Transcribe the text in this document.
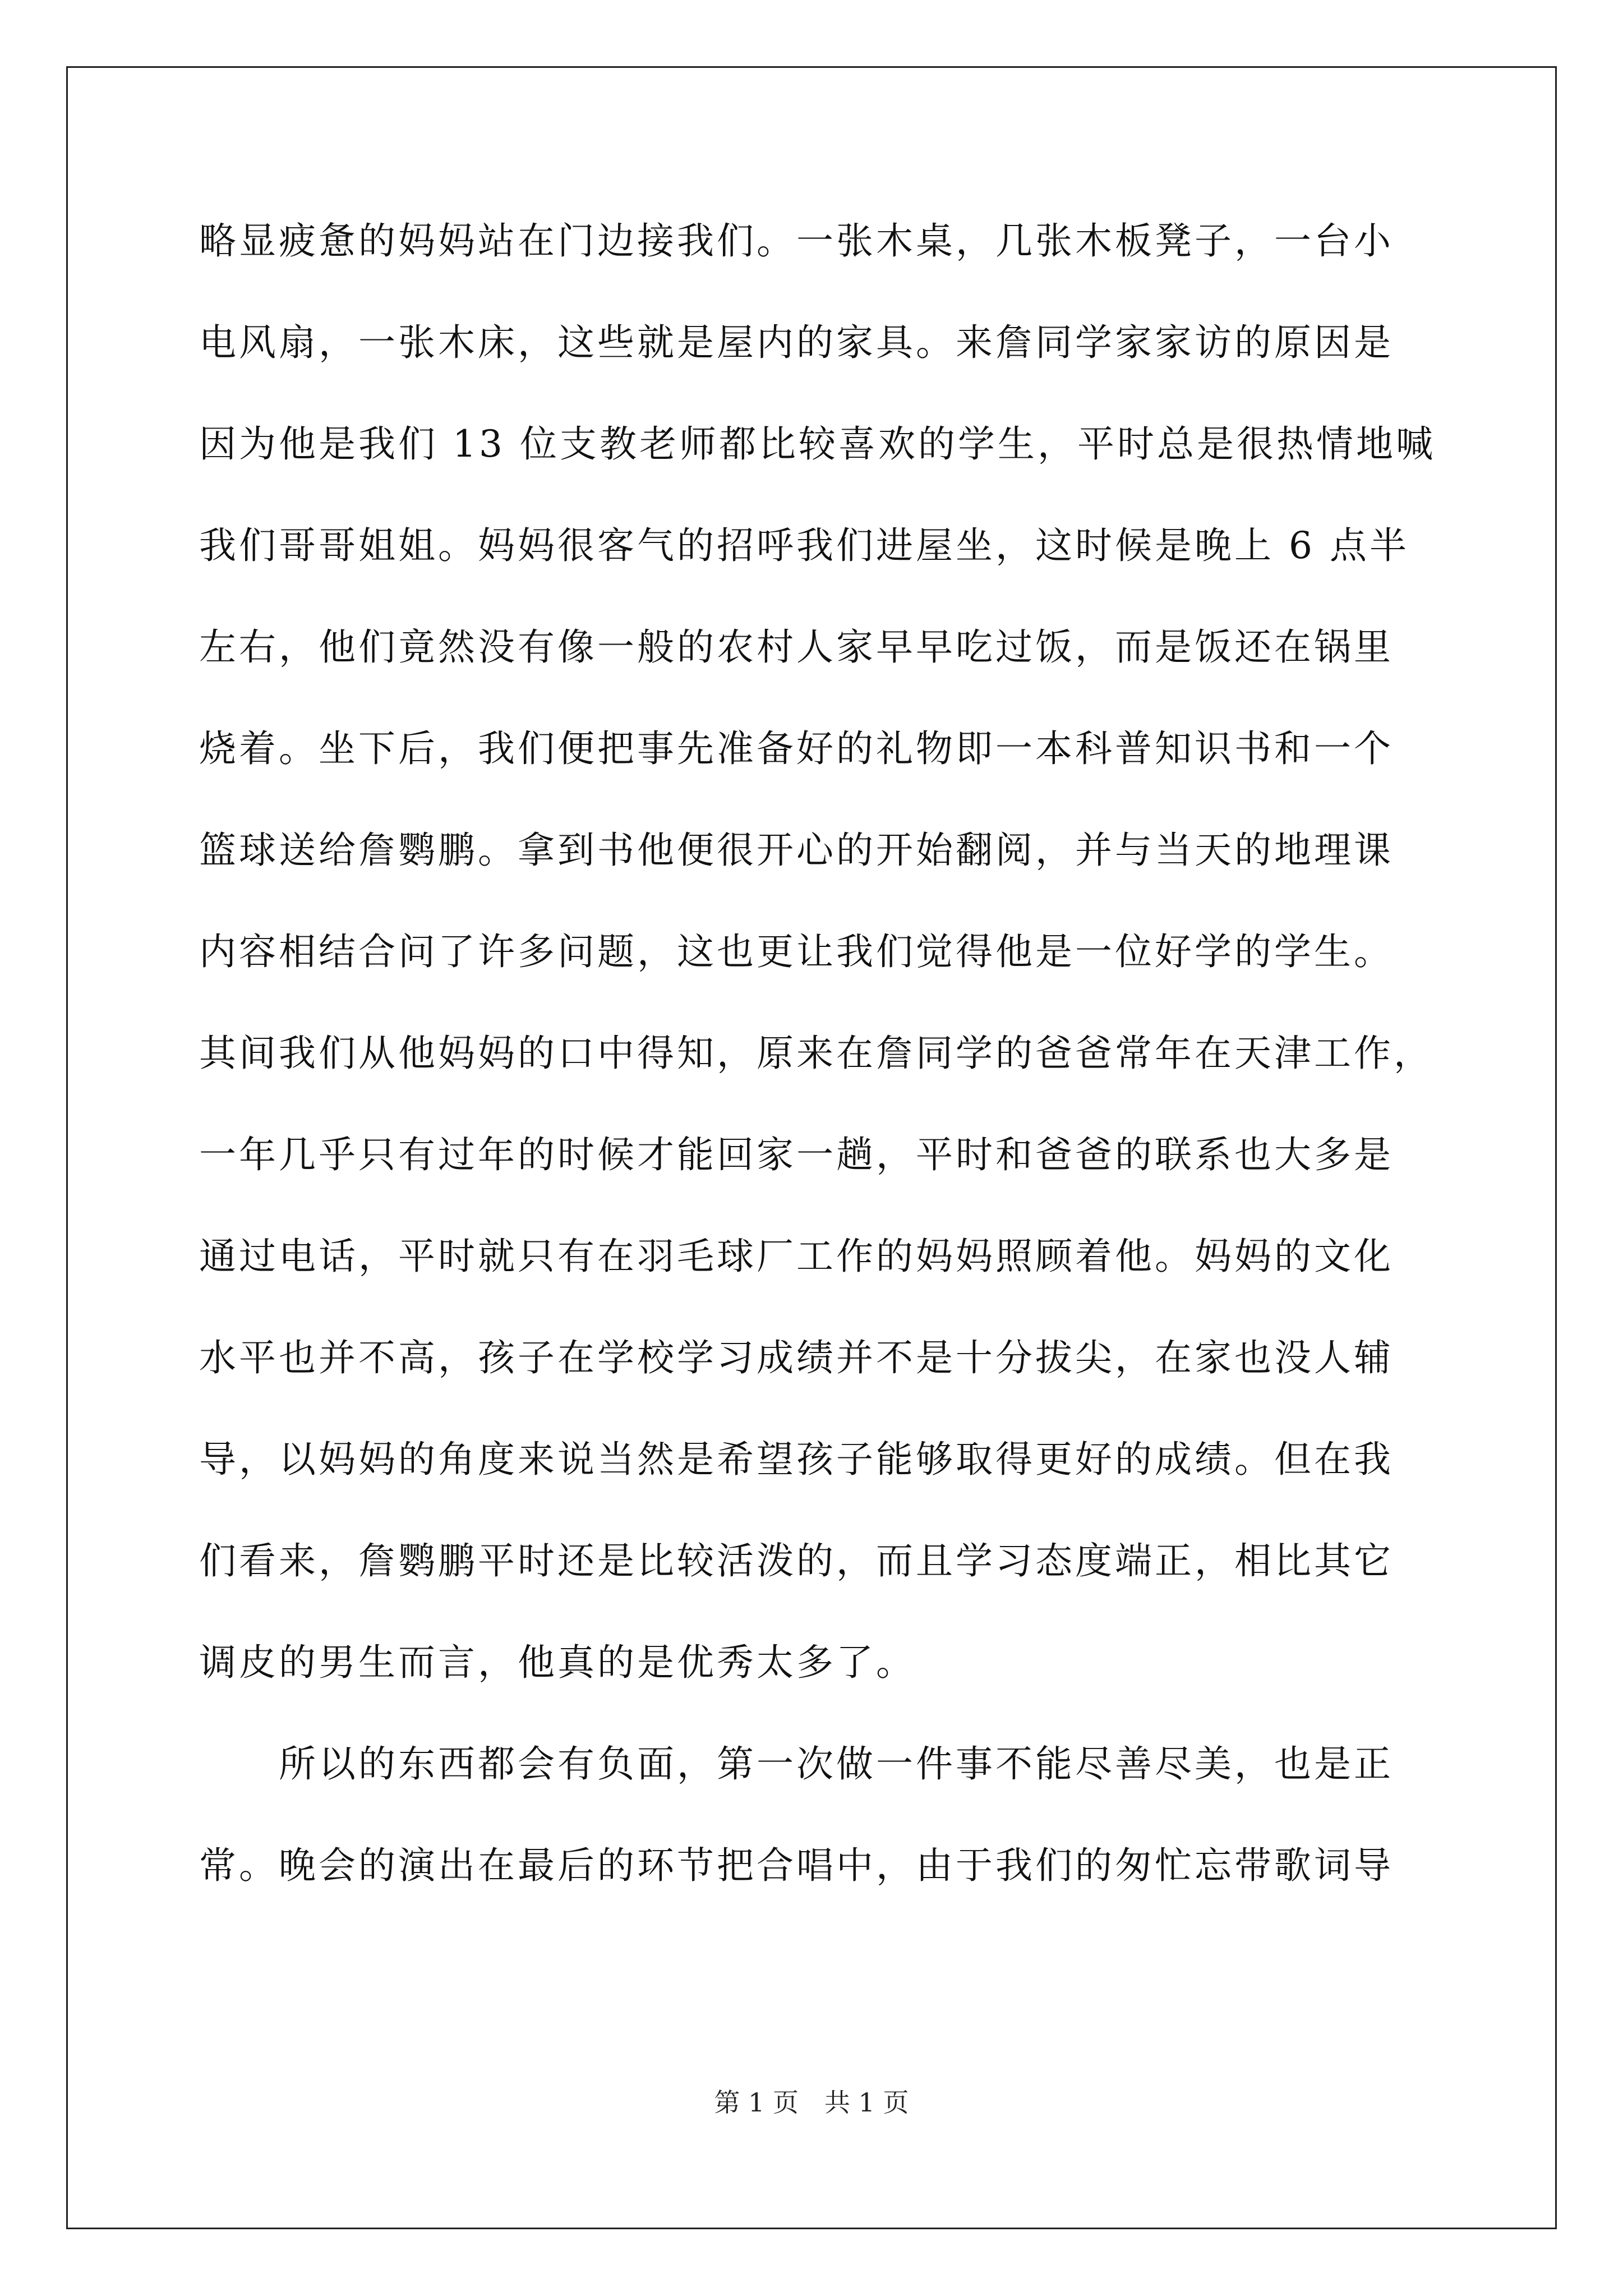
略显疲惫的妈妈站在门边接我们。一张木桌，几张木板凳子，一台小
电风扇，一张木床，这些就是屋内的家具。来詹同学家家访的原因是
因为他是我们 13 位支教老师都比较喜欢的学生，平时总是很热情地喊
我们哥哥姐姐。妈妈很客气的招呼我们进屋坐，这时候是晚上 6 点半
左右，他们竟然没有像一般的农村人家早早吃过饭，而是饭还在锅里
烧着。坐下后，我们便把事先准备好的礼物即一本科普知识书和一个
篮球送给詹鹦鹏。拿到书他便很开心的开始翻阅，并与当天的地理课
内容相结合问了许多问题，这也更让我们觉得他是一位好学的学生。
其间我们从他妈妈的口中得知，原来在詹同学的爸爸常年在天津工作，
一年几乎只有过年的时候才能回家一趟，平时和爸爸的联系也大多是
通过电话，平时就只有在羽毛球厂工作的妈妈照顾着他。妈妈的文化
水平也并不高，孩子在学校学习成绩并不是十分拔尖，在家也没人辅
导，以妈妈的角度来说当然是希望孩子能够取得更好的成绩。但在我
们看来，詹鹦鹏平时还是比较活泼的，而且学习态度端正，相比其它
调皮的男生而言，他真的是优秀太多了。
　　所以的东西都会有负面，第一次做一件事不能尽善尽美，也是正
常。晚会的演出在最后的环节把合唱中，由于我们的匆忙忘带歌词导
第 1 页　共 1 页
